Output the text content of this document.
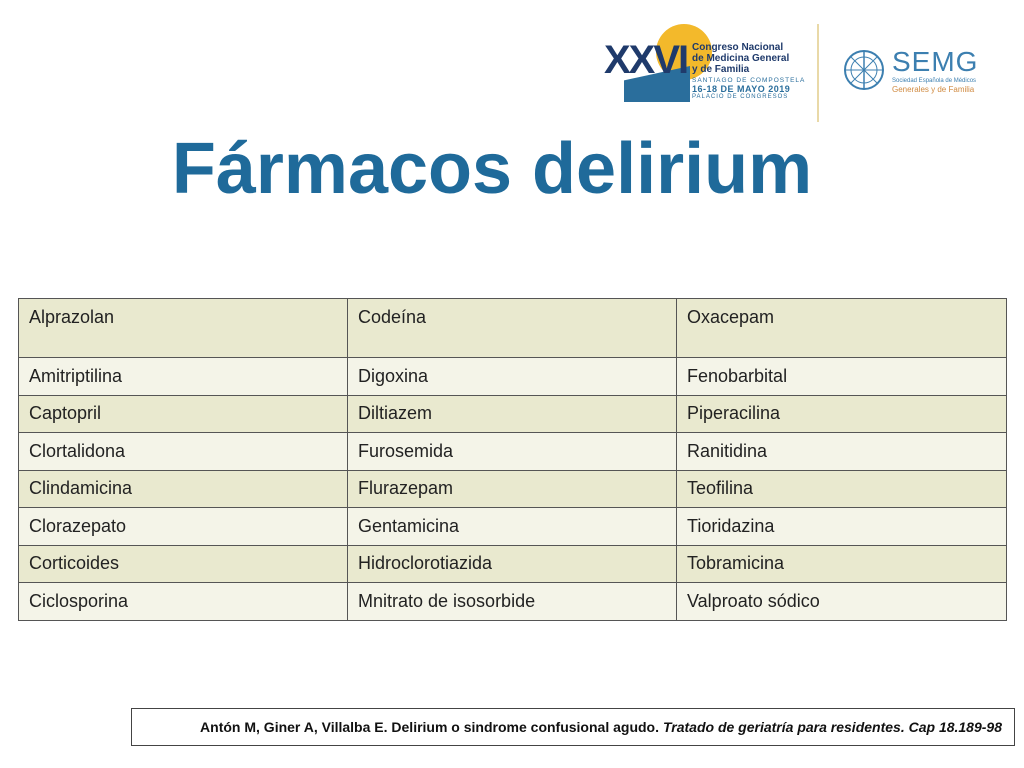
XXVI Congreso Nacional
de Medicina General
y de Familia
SANTIAGO DE COMPOSTELA
16-18 DE MAYO 2019
PALACIO DE CONGRESOS
SEMG
Sociedad Española de Médicos
Generales y de Familia
Fármacos delirium
Alprazolan	Codeína	Oxacepam
Amitriptilina	Digoxina	Fenobarbital
Captopril	Diltiazem	Piperacilina
Clortalidona	Furosemida	Ranitidina
Clindamicina	Flurazepam	Teofilina
Clorazepato	Gentamicina	Tioridazina
Corticoides	Hidroclorotiazida	Tobramicina
Ciclosporina	Mnitrato de isosorbide	Valproato sódico
Antón M, Giner A, Villalba E. Delirium o sindrome confusional agudo. Tratado de geriatría para residentes. Cap 18.189-98
